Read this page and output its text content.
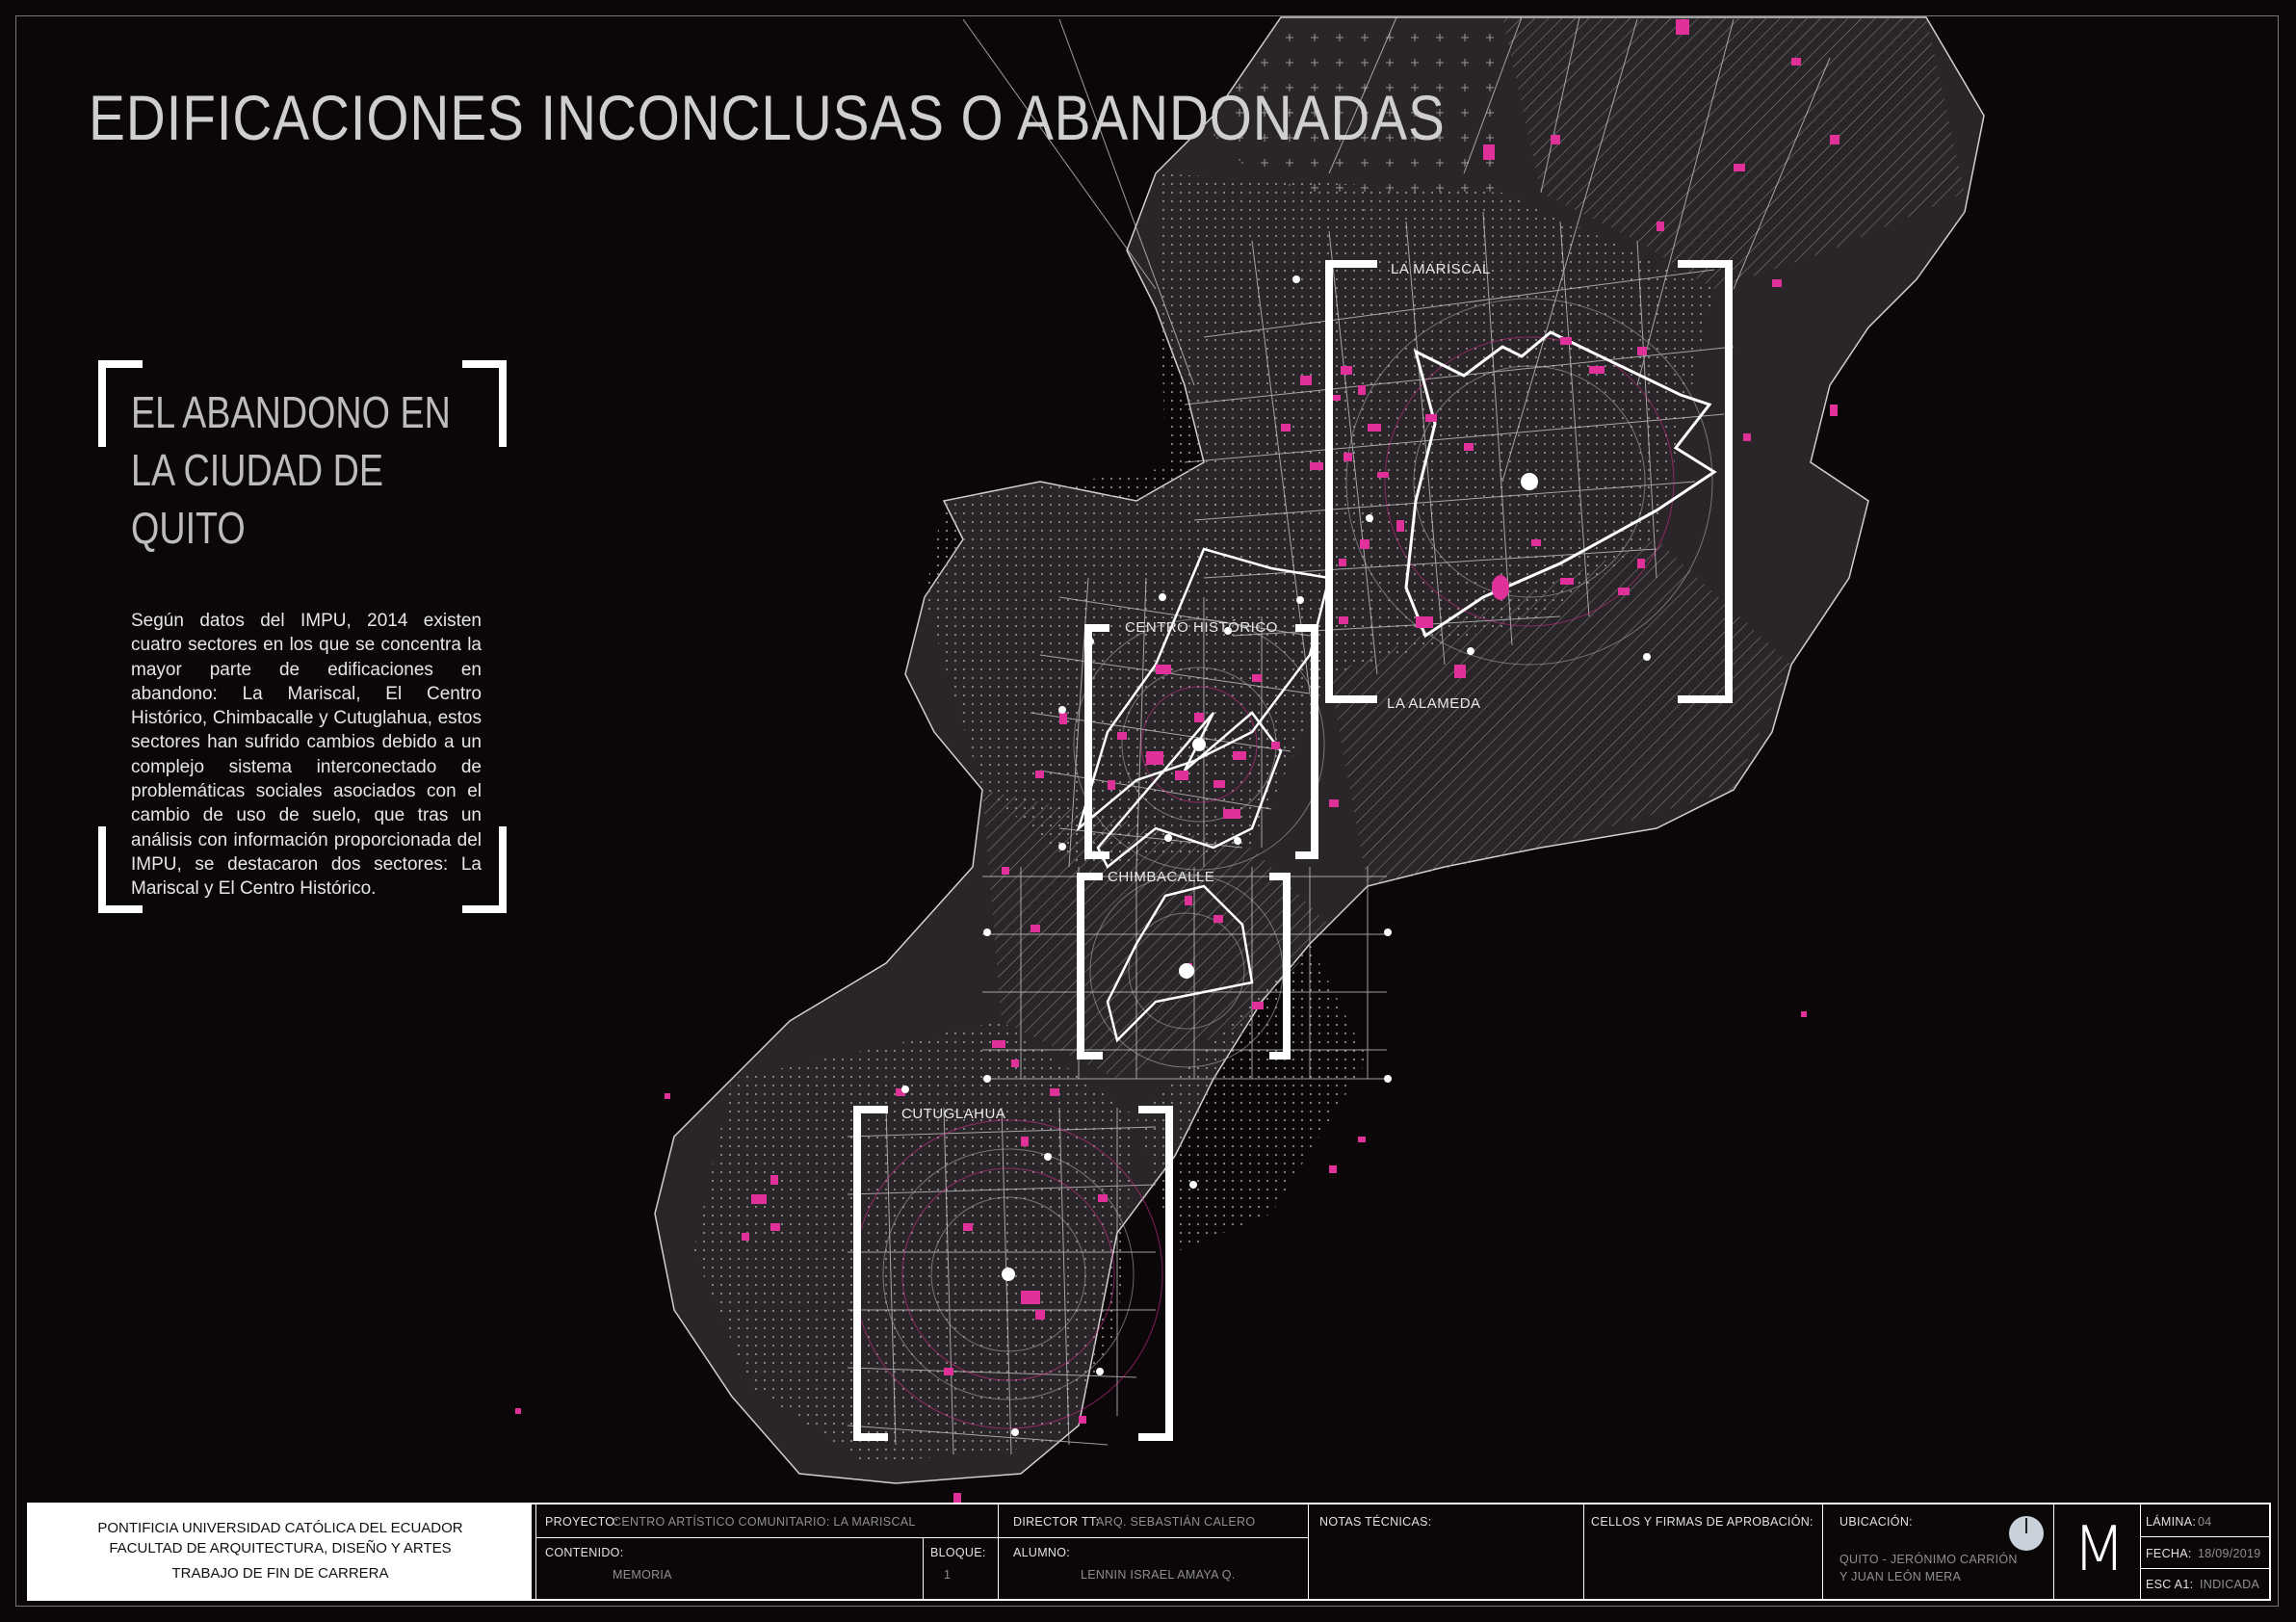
EDIFICACIONES INCONCLUSAS O ABANDONADAS
EL ABANDONO EN
LA CIUDAD DE
QUITO
Según datos del IMPU, 2014 existen cuatro sectores en los que se concentra la mayor parte de edificaciones en abandono: La Mariscal, El Centro Histórico, Chimbacalle y Cutuglahua, estos sectores han sufrido cambios debido a un complejo sistema interconectado de problemáticas sociales asociados con el cambio de uso de suelo, que tras un análisis con información proporcionada del IMPU, se destacaron dos sectores: La Mariscal y El Centro Histórico.
LA MARISCAL
LA ALAMEDA
CENTRO HISTÓRICO
CHIMBACALLE
CUTUGLAHUA
PONTIFICIA UNIVERSIDAD CATÓLICA DEL ECUADOR
FACULTAD DE ARQUITECTURA, DISEÑO Y ARTES
TRABAJO DE FIN DE CARRERA
PROYECTO:
CENTRO ARTÍSTICO COMUNITARIO: LA MARISCAL
CONTENIDO:
MEMORIA
BLOQUE:
1
DIRECTOR TT:
ARQ. SEBASTIÁN CALERO
ALUMNO:
LENNIN ISRAEL AMAYA Q.
NOTAS TÉCNICAS:	CELLOS Y FIRMAS DE APROBACIÓN: UBICACIÓN:
QUITO - JERÓNIMO CARRIÓN
Y JUAN LEÓN MERA M LÁMINA: 04
FECHA: 18/09/2019
ESC A1: INDICADA
